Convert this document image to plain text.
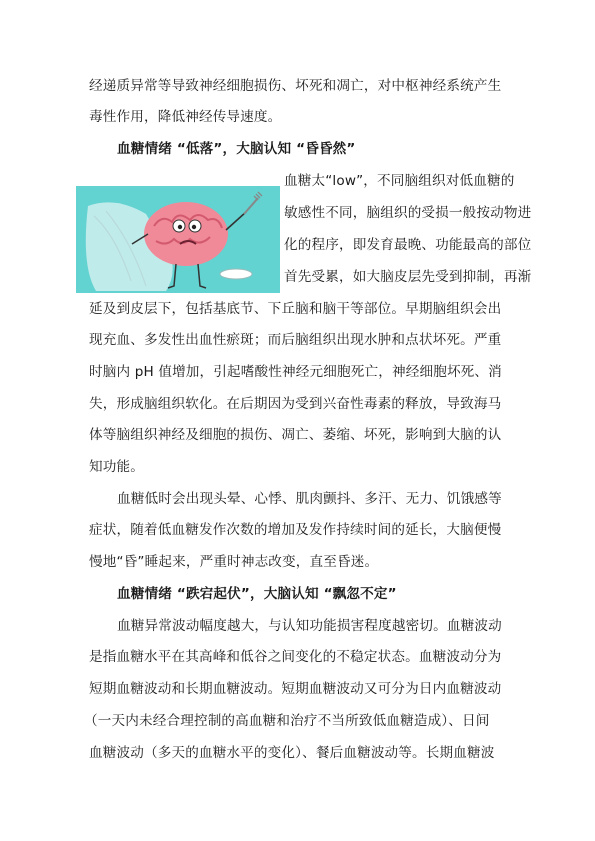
经递质异常等导致神经细胞损伤、坏死和凋亡，对中枢神经系统产生
毒性作用，降低神经传导速度。
血糖情绪 “低落”，大脑认知 “昏昏然”
血糖太“low”，不同脑组织对低血糖的
敏感性不同，脑组织的受损一般按动物进
化的程序，即发育最晚、功能最高的部位
首先受累，如大脑皮层先受到抑制，再渐
延及到皮层下，包括基底节、下丘脑和脑干等部位。早期脑组织会出
现充血、多发性出血性瘀斑；而后脑组织出现水肿和点状坏死。严重
时脑内 pH 值增加，引起嗜酸性神经元细胞死亡，神经细胞坏死、消
失，形成脑组织软化。在后期因为受到兴奋性毒素的释放，导致海马
体等脑组织神经及细胞的损伤、凋亡、萎缩、坏死，影响到大脑的认
知功能。
血糖低时会出现头晕、心悸、肌肉颤抖、多汗、无力、饥饿感等
症状，随着低血糖发作次数的增加及发作持续时间的延长，大脑便慢
慢地“昏”睡起来，严重时神志改变，直至昏迷。
血糖情绪 “跌宕起伏”，大脑认知 “飘忽不定”
血糖异常波动幅度越大，与认知功能损害程度越密切。血糖波动
是指血糖水平在其高峰和低谷之间变化的不稳定状态。血糖波动分为
短期血糖波动和长期血糖波动。短期血糖波动又可分为日内血糖波动
（一天内未经合理控制的高血糖和治疗不当所致低血糖造成）、日间
血糖波动（多天的血糖水平的变化）、餐后血糖波动等。长期血糖波
